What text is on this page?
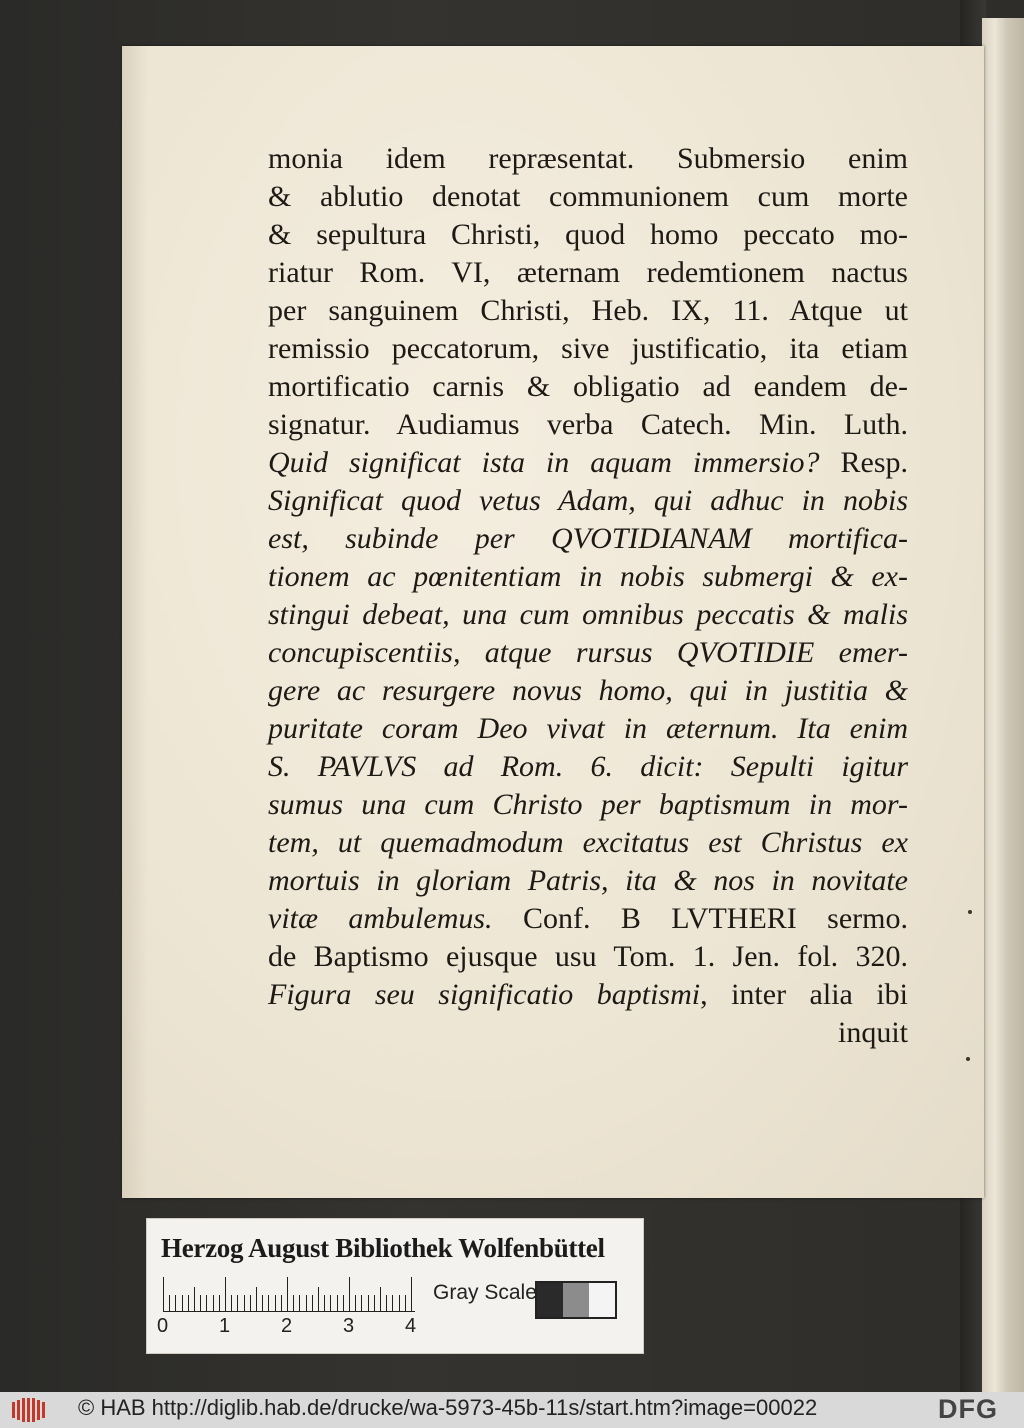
monia idem repræsentat. Submersio enim
& ablutio denotat communionem cum morte
& sepultura Christi, quod homo peccato mo-
riatur Rom. VI, æternam redemtionem nactus
per sanguinem Christi, Heb. IX, 11. Atque ut
remissio peccatorum, sive justificatio, ita etiam
mortificatio carnis & obligatio ad eandem de-
signatur. Audiamus verba Catech. Min. Luth.
Quid significat ista in aquam immersio? Resp.
Significat quod vetus Adam, qui adhuc in nobis
est, subinde per QVOTIDIANAM mortifica-
tionem ac pœnitentiam in nobis submergi & ex-
stingui debeat, una cum omnibus peccatis & malis
concupiscentiis, atque rursus QVOTIDIE emer-
gere ac resurgere novus homo, qui in justitia &
puritate coram Deo vivat in æternum. Ita enim
S. PAVLVS ad Rom. 6. dicit: Sepulti igitur
sumus una cum Christo per baptismum in mor-
tem, ut quemadmodum excitatus est Christus ex
mortuis in gloriam Patris, ita & nos in novitate
vitæ ambulemus. Conf. B LVTHERI sermo.
de Baptismo ejusque usu Tom. 1. Jen. fol. 320.
Figura seu significatio baptismi, inter alia ibi
inquit
Herzog August Bibliothek Wolfenbüttel
0	1	2	3	4
Gray Scale
© HAB http://diglib.hab.de/drucke/wa-5973-45b-11s/start.htm?image=00022	DFG
